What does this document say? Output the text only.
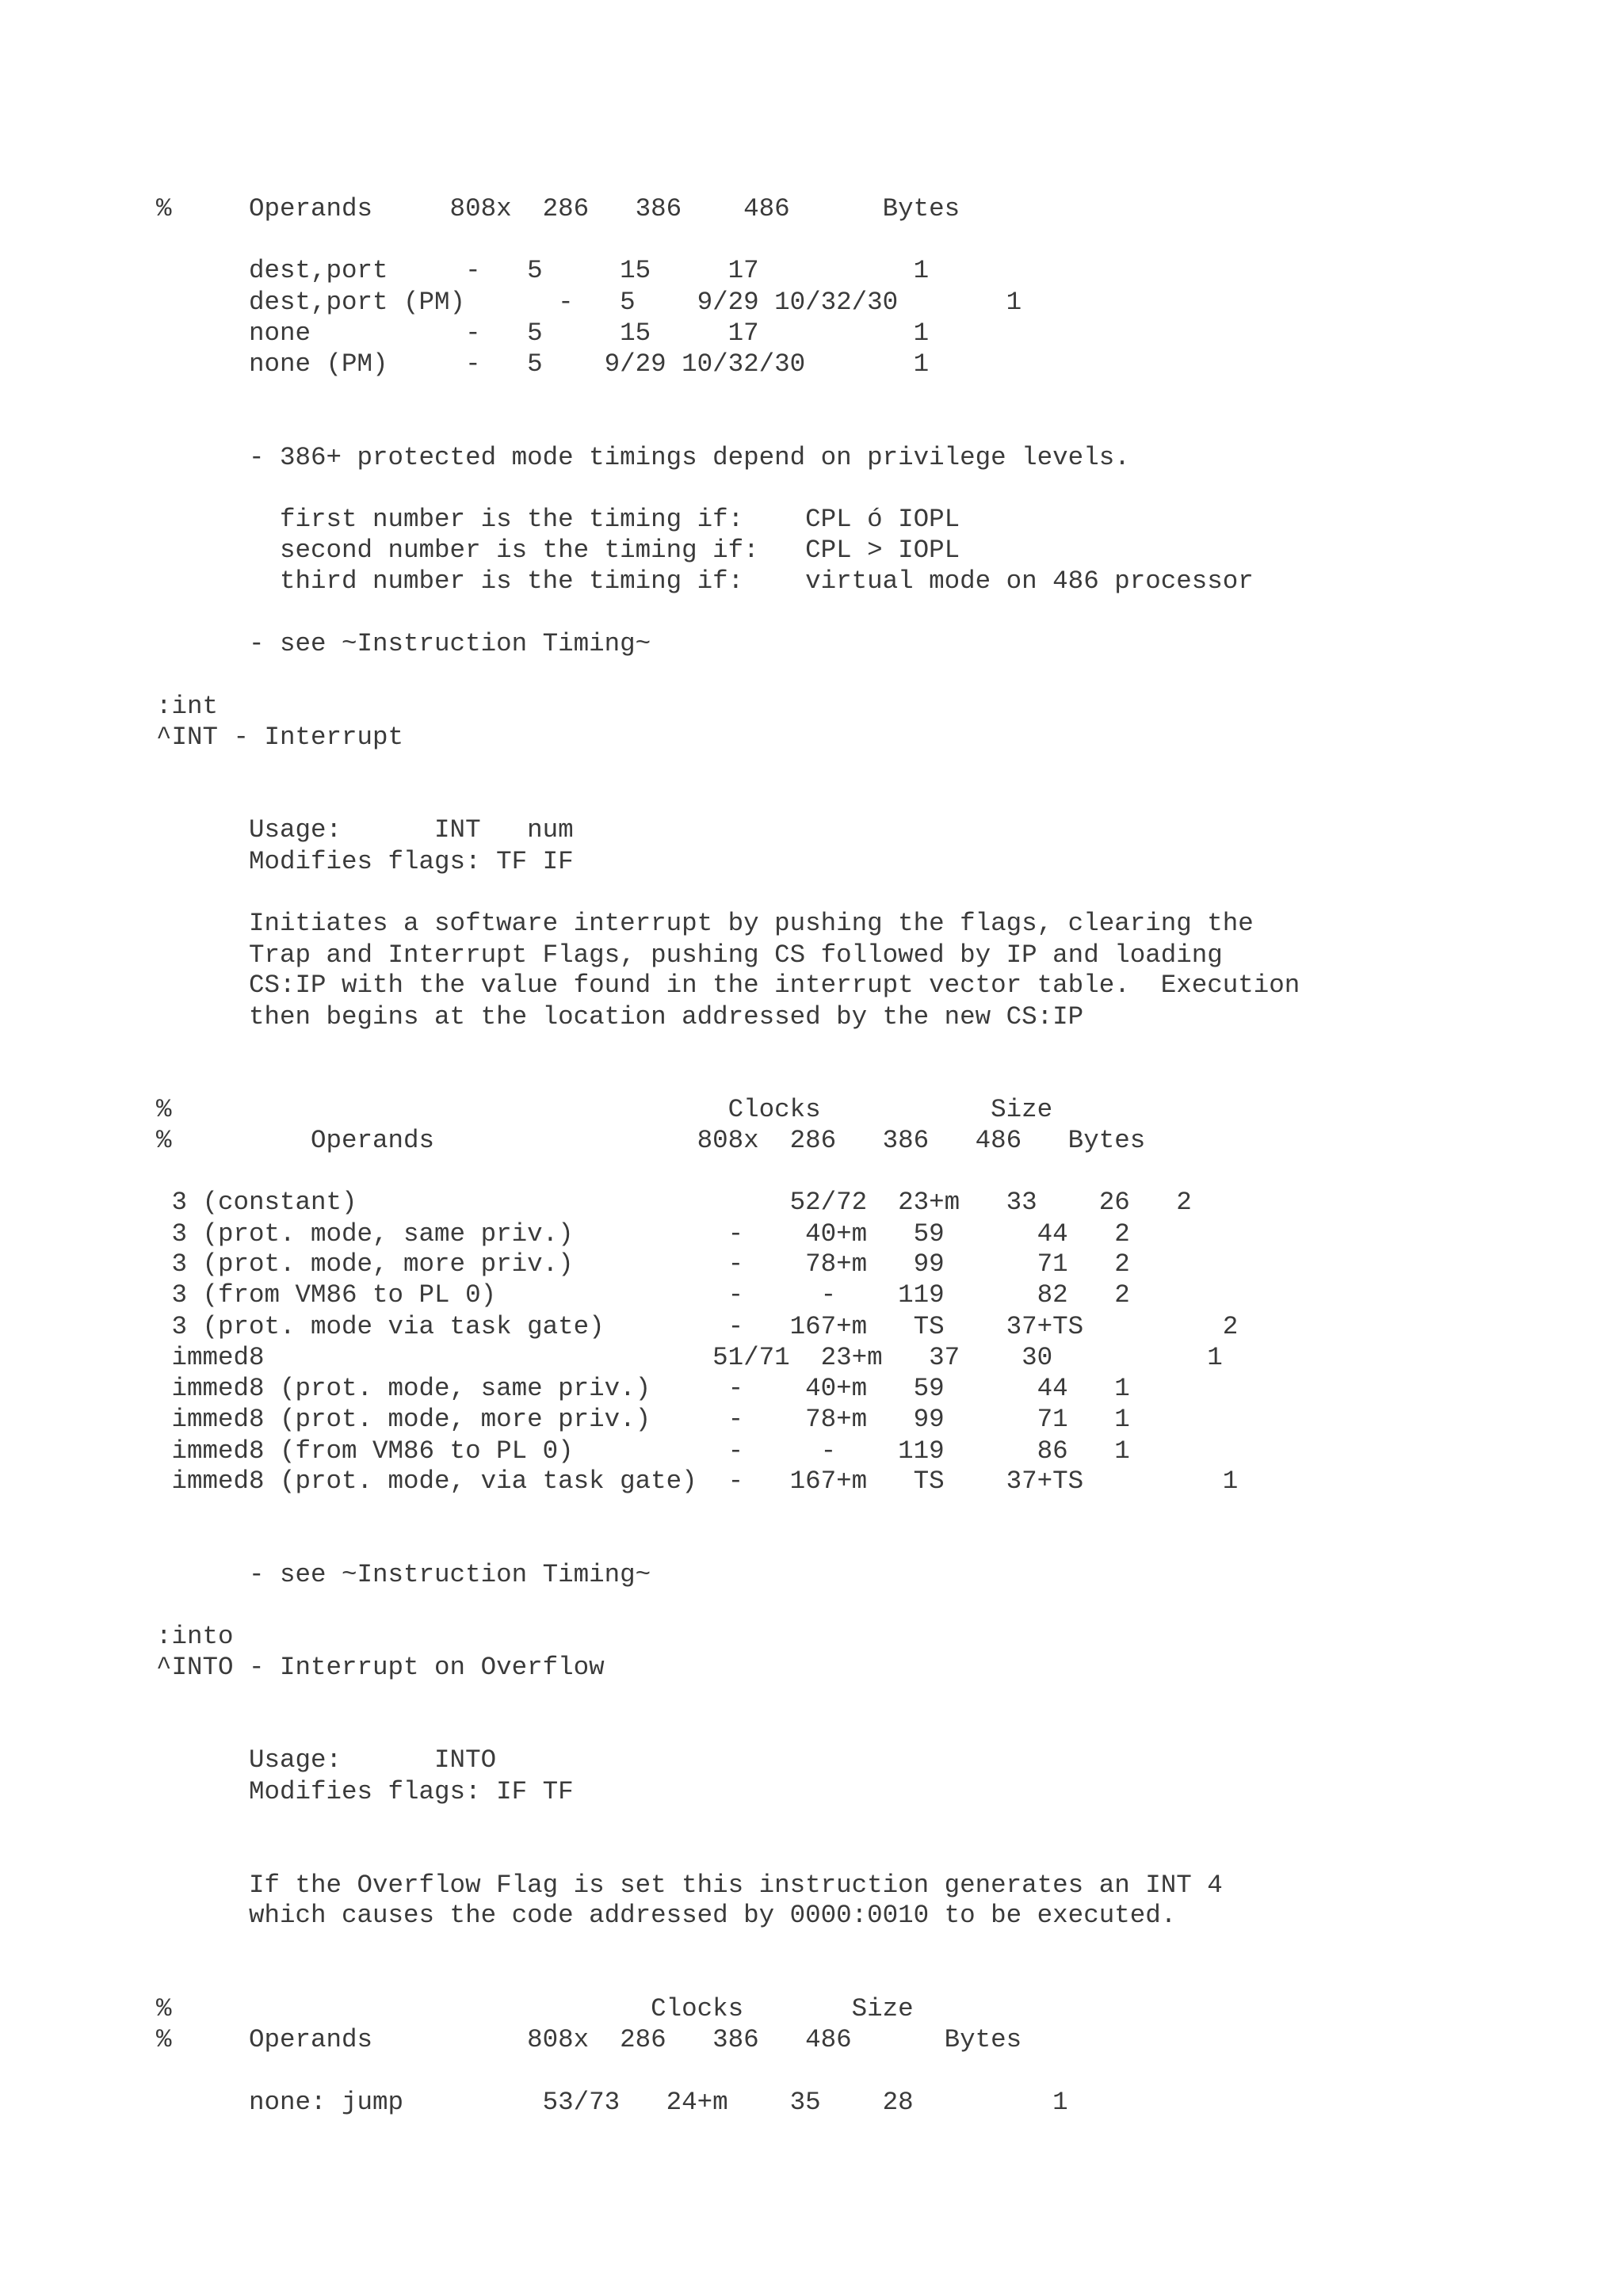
%     Operands     808x  286   386    486      Bytes
dest,port     -   5     15     17          1
dest,port (PM)      -   5    9/29 10/32/30       1
none          -   5     15     17          1
none (PM)     -   5    9/29 10/32/30       1
- 386+ protected mode timings depend on privilege levels.
first number is the timing if:    CPL ó IOPL
second number is the timing if:   CPL > IOPL
third number is the timing if:    virtual mode on 486 processor
- see ~Instruction Timing~
:int
^INT - Interrupt
Usage:      INT   num
Modifies flags: TF IF
Initiates a software interrupt by pushing the flags, clearing the
Trap and Interrupt Flags, pushing CS followed by IP and loading
CS:IP with the value found in the interrupt vector table.  Execution
then begins at the location addressed by the new CS:IP
%                                    Clocks           Size
%         Operands                 808x  286   386   486   Bytes
3 (constant)                            52/72  23+m   33    26   2
3 (prot. mode, same priv.)          -    40+m   59      44   2
3 (prot. mode, more priv.)          -    78+m   99      71   2
3 (from VM86 to PL 0)               -     -    119      82   2
3 (prot. mode via task gate)        -   167+m   TS    37+TS         2
immed8                             51/71  23+m   37    30          1
immed8 (prot. mode, same priv.)     -    40+m   59      44   1
immed8 (prot. mode, more priv.)     -    78+m   99      71   1
immed8 (from VM86 to PL 0)          -     -    119      86   1
immed8 (prot. mode, via task gate)  -   167+m   TS    37+TS         1
- see ~Instruction Timing~
:into
^INTO - Interrupt on Overflow
Usage:      INTO
Modifies flags: IF TF
If the Overflow Flag is set this instruction generates an INT 4
which causes the code addressed by 0000:0010 to be executed.
%                               Clocks       Size
%     Operands          808x  286   386   486      Bytes
none: jump         53/73   24+m    35    28         1
